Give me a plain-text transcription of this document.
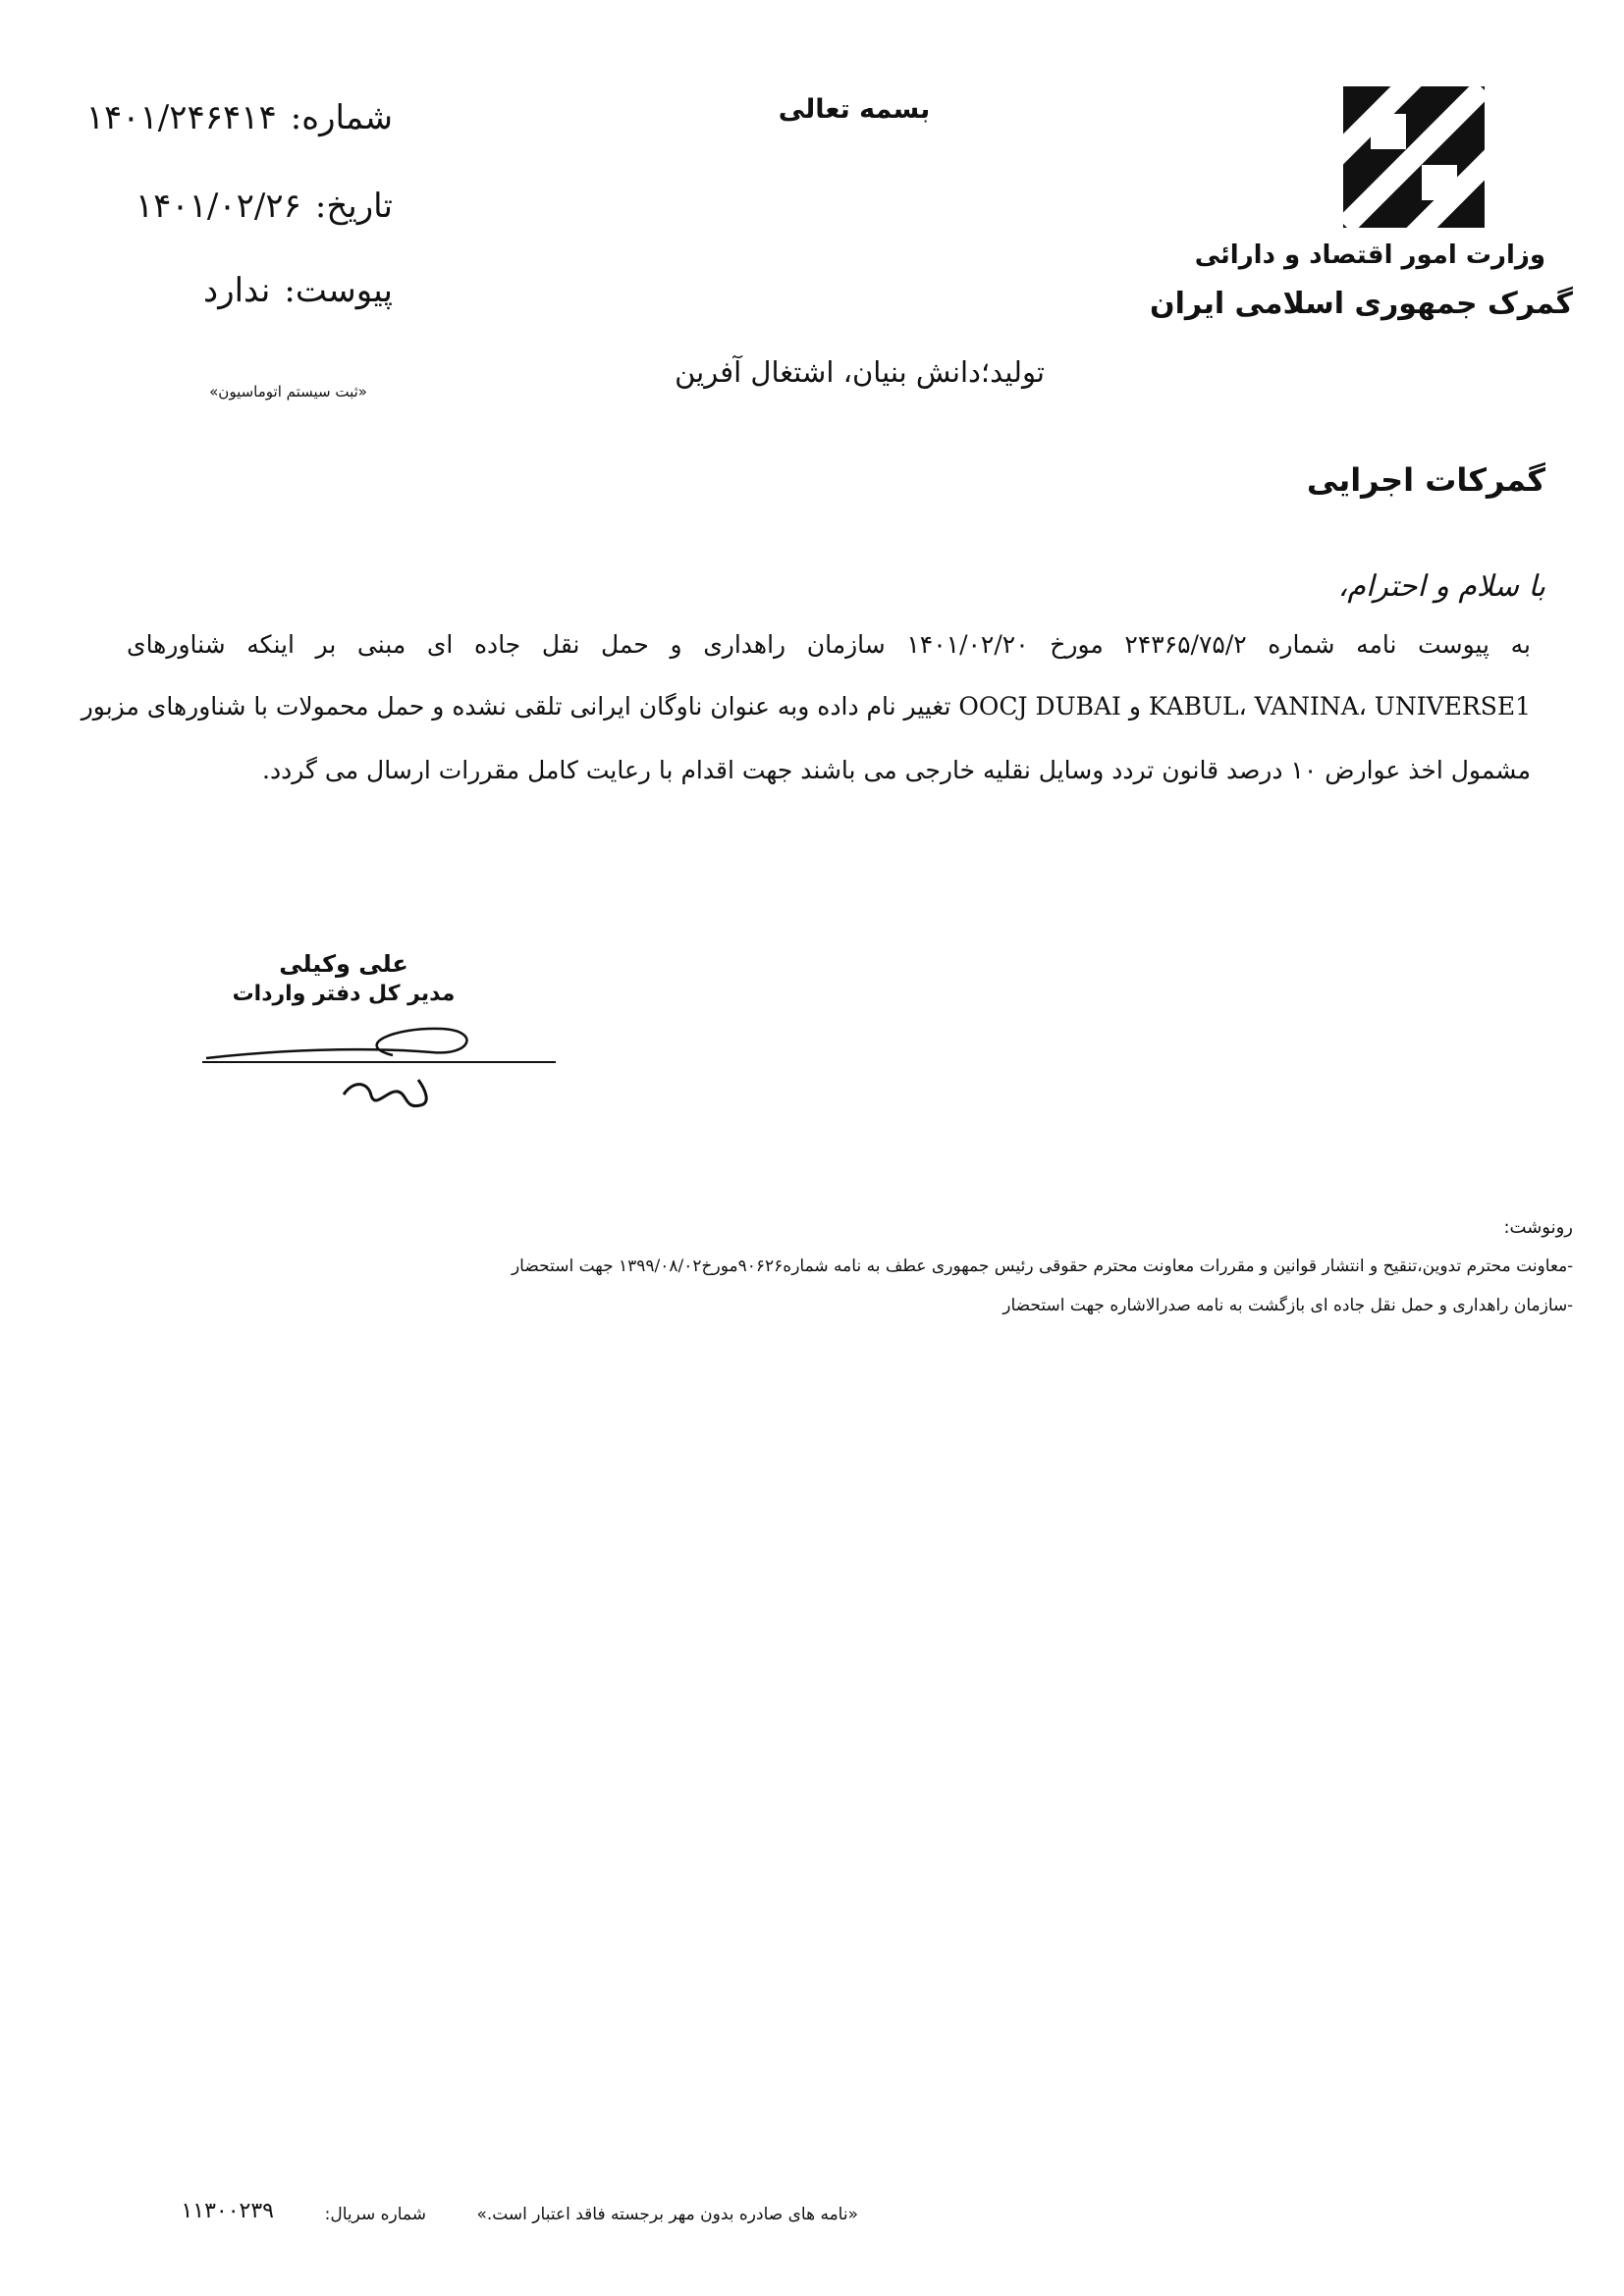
شماره:۱۴۰۱/۲۴۶۴۱۴
تاریخ:۱۴۰۱/۰۲/۲۶
پیوست:ندارد
«ثبت سیستم اتوماسیون»
بسمه تعالی
تولید؛دانش بنیان، اشتغال آفرین
وزارت امور اقتصاد و دارائی
گمرک جمهوری اسلامی ایران
گمرکات اجرایی
با سلام و احترام،
به پیوست نامه شماره ۲۴۳۶۵/۷۵/۲ مورخ ۱۴۰۱/۰۲/۲۰ سازمان راهداری و حمل نقل جاده ای مبنی بر اینکه شناورهای
KABUL، VANINA، UNIVERSE1 و OOCJ DUBAI تغییر نام داده وبه عنوان ناوگان ایرانی تلقی نشده و حمل محمولات با شناورهای مزبور
مشمول اخذ عوارض ۱۰ درصد قانون تردد وسایل نقلیه خارجی می باشند جهت اقدام با رعایت کامل مقررات ارسال می گردد.
علی وکیلی
مدیر کل دفتر واردات
رونوشت:
-معاونت محترم تدوین،تنقیح و انتشار قوانین و مقررات معاونت محترم حقوقی رئیس جمهوری عطف به نامه شماره۹۰۶۲۶مورخ۱۳۹۹/۰۸/۰۲ جهت استحضار
-سازمان راهداری و حمل نقل جاده ای بازگشت به نامه صدرالاشاره جهت استحضار
«نامه های صادره بدون مهر برجسته فاقد اعتبار است.»
شماره سریال:
۱۱۳۰۰۲۳۹
